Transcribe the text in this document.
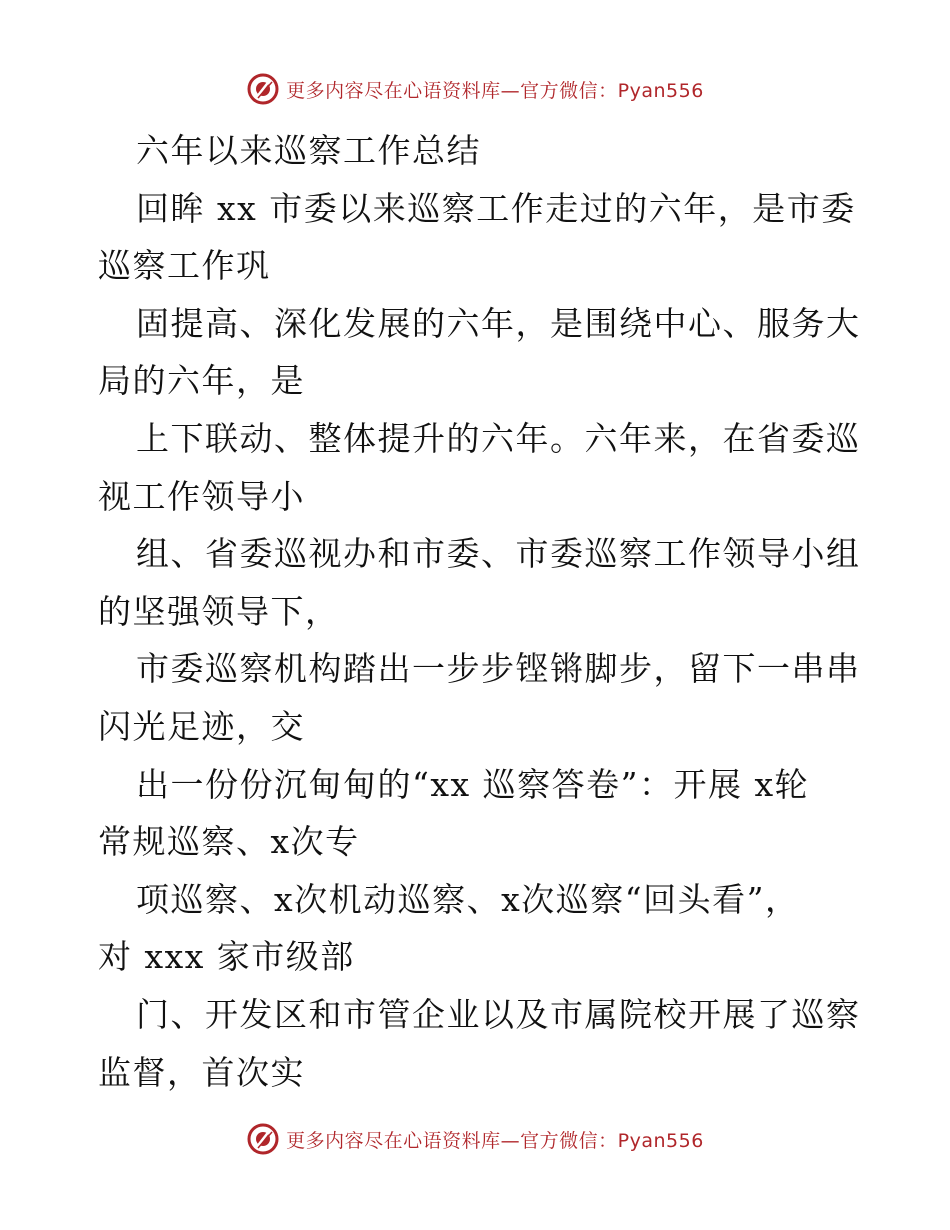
更多内容尽在心语资料库—官方微信：Pyan556
六年以来巡察工作总结
回眸 xx 市委以来巡察工作走过的六年，是市委
巡察工作巩
固提高、深化发展的六年，是围绕中心、服务大
局的六年，是
上下联动、整体提升的六年。六年来，在省委巡
视工作领导小
组、省委巡视办和市委、市委巡察工作领导小组
的坚强领导下，
市委巡察机构踏出一步步铿锵脚步，留下一串串
闪光足迹，交
出一份份沉甸甸的“xx 巡察答卷”：开展 x轮
常规巡察、x次专
项巡察、x次机动巡察、x次巡察“回头看”，
对 xxx 家市级部
门、开发区和市管企业以及市属院校开展了巡察
监督，首次实
更多内容尽在心语资料库—官方微信：Pyan556
